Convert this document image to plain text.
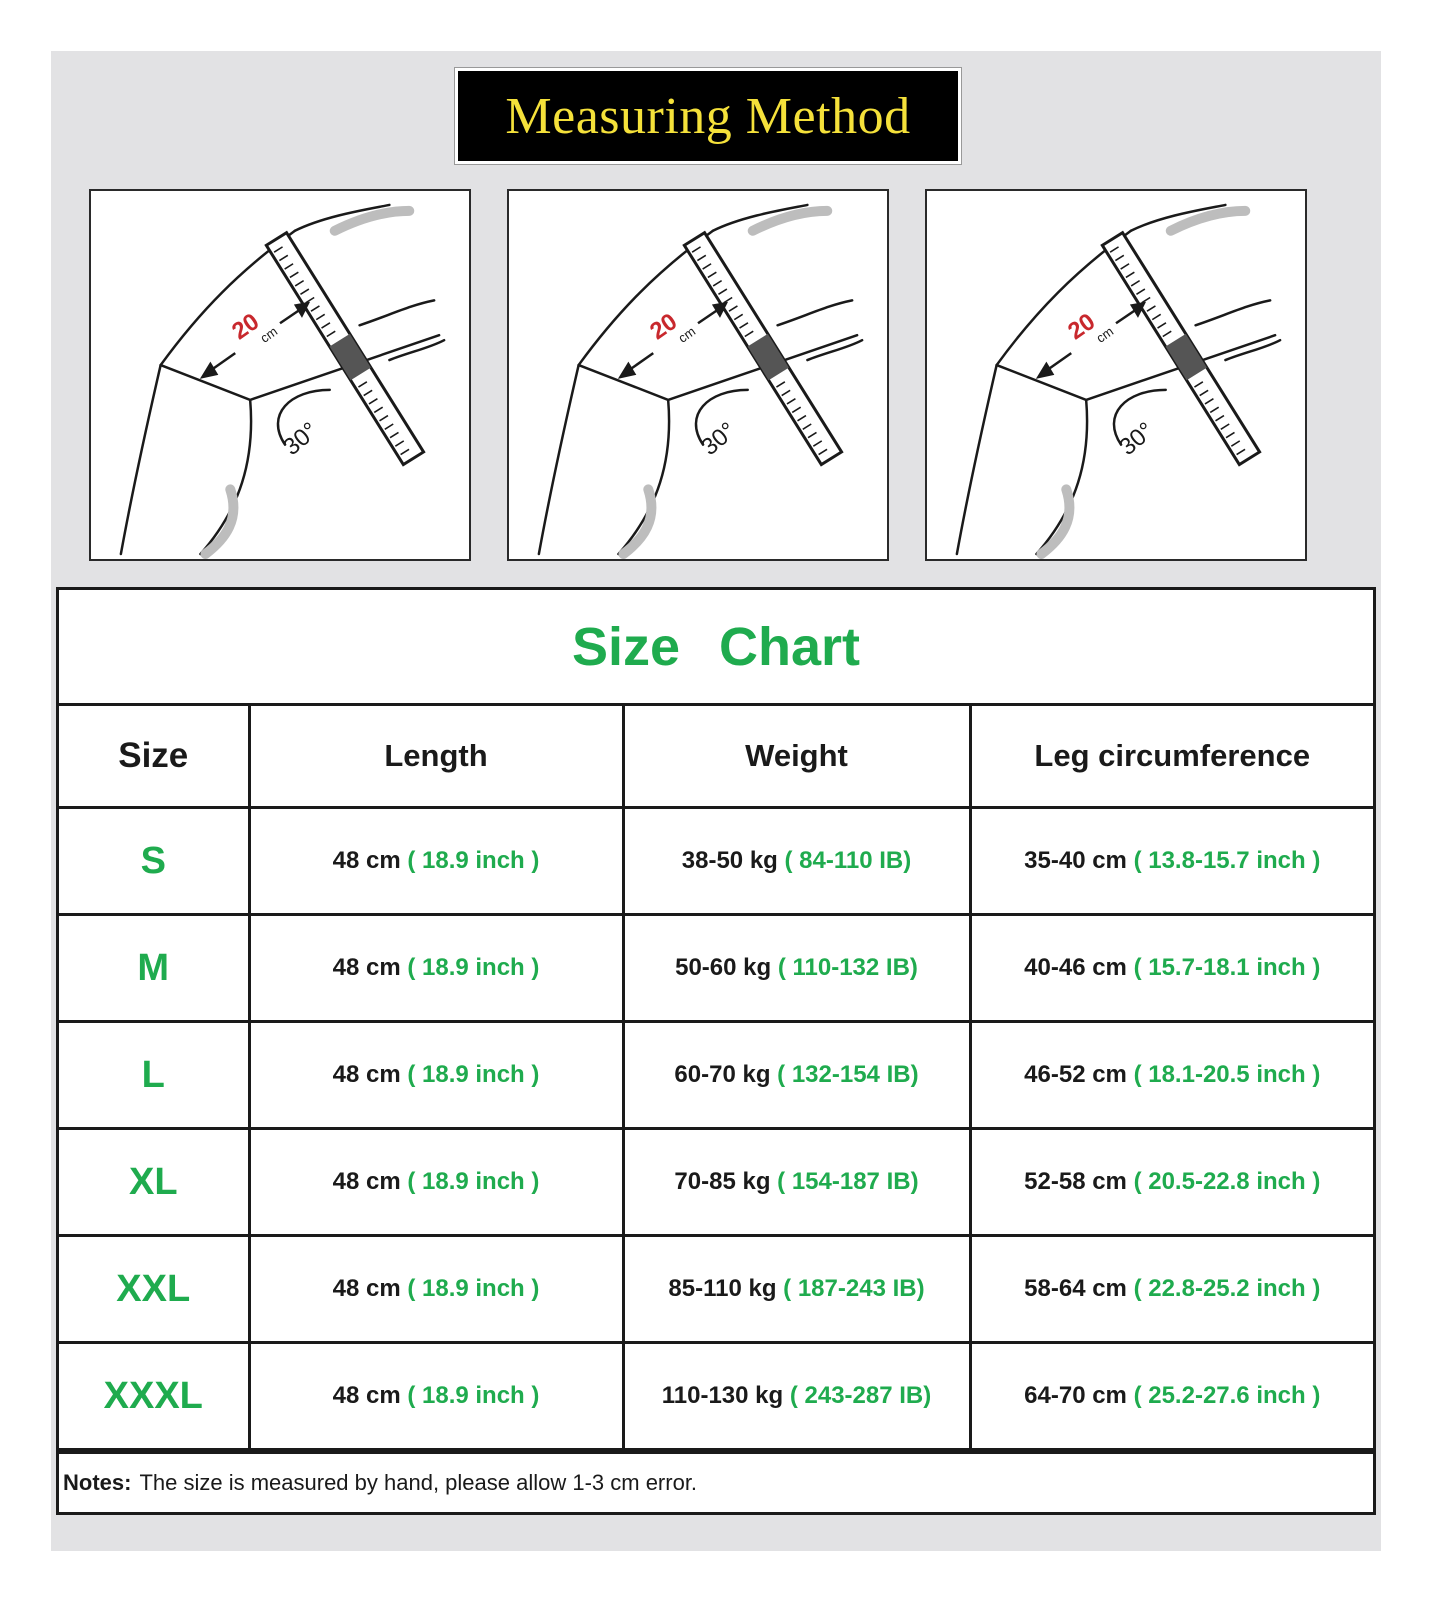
Measuring Method
20
cm
30°
20
cm
30°
20
cm
30°
Size Chart
Size	Length	Weight	Leg circumference
S	48 cm ( 18.9 inch )	38-50 kg ( 84-110 IB)	35-40 cm ( 13.8-15.7 inch )
M	48 cm ( 18.9 inch )	50-60 kg ( 110-132 IB)	40-46 cm ( 15.7-18.1 inch )
L	48 cm ( 18.9 inch )	60-70 kg ( 132-154 IB)	46-52 cm ( 18.1-20.5 inch )
XL	48 cm ( 18.9 inch )	70-85 kg ( 154-187 IB)	52-58 cm ( 20.5-22.8 inch )
XXL	48 cm ( 18.9 inch )	85-110 kg ( 187-243 IB)	58-64 cm ( 22.8-25.2 inch )
XXXL	48 cm ( 18.9 inch )	110-130 kg ( 243-287 IB)	64-70 cm ( 25.2-27.6 inch )
Notes: The size is measured by hand, please allow 1-3 cm error.
